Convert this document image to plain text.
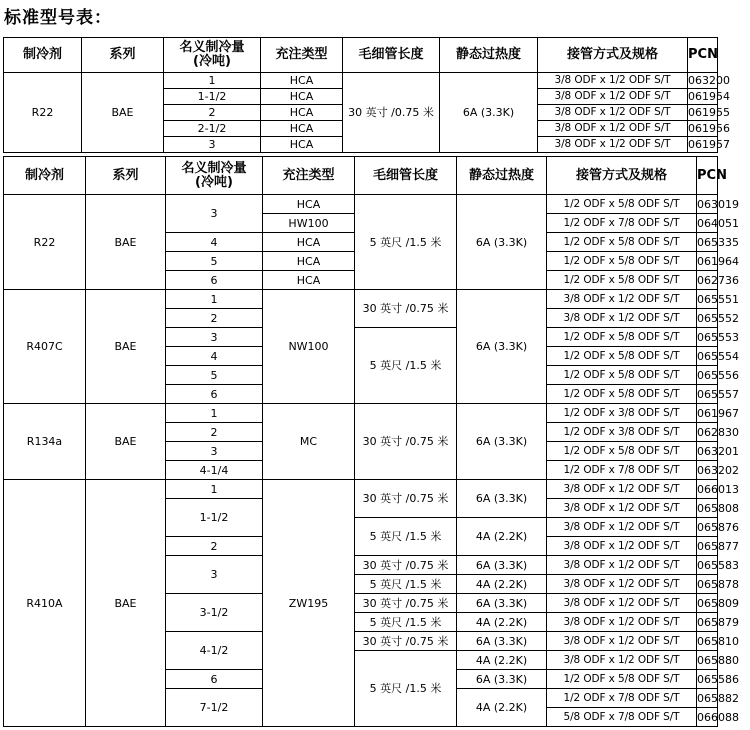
标准型号表：
制冷剂	系列	名义制冷量
(冷吨)	充注类型	毛细管长度	静态过热度	接管方式及规格	PCN
R22	BAE	1	HCA	30 英寸 /0.75 米	6A (3.3K)	3/8 ODF x 1/2 ODF S/T	063200
		1-1/2	HCA			3/8 ODF x 1/2 ODF S/T	061954
		2	HCA			3/8 ODF x 1/2 ODF S/T	061955
		2-1/2	HCA			3/8 ODF x 1/2 ODF S/T	061956
		3	HCA			3/8 ODF x 1/2 ODF S/T	061957
制冷剂	系列	名义制冷量
(冷吨)	充注类型	毛细管长度	静态过热度	接管方式及规格	PCN
R22	BAE	3	HCA	5 英尺 /1.5 米	6A (3.3K)	1/2 ODF x 5/8 ODF S/T	063019
			HW100			1/2 ODF x 7/8 ODF S/T	064051
		4	HCA			1/2 ODF x 5/8 ODF S/T	065335
		5	HCA			1/2 ODF x 5/8 ODF S/T	061964
		6	HCA			1/2 ODF x 5/8 ODF S/T	062736
R407C	BAE	1	NW100	30 英寸 /0.75 米	6A (3.3K)	3/8 ODF x 1/2 ODF S/T	065551
		2				3/8 ODF x 1/2 ODF S/T	065552
		3		5 英尺 /1.5 米		1/2 ODF x 5/8 ODF S/T	065553
		4				1/2 ODF x 5/8 ODF S/T	065554
		5				1/2 ODF x 5/8 ODF S/T	065556
		6				1/2 ODF x 5/8 ODF S/T	065557
R134a	BAE	1	MC	30 英寸 /0.75 米	6A (3.3K)	1/2 ODF x 3/8 ODF S/T	061967
		2				1/2 ODF x 3/8 ODF S/T	062830
		3				1/2 ODF x 5/8 ODF S/T	063201
		4-1/4				1/2 ODF x 7/8 ODF S/T	063202
R410A	BAE	1	ZW195	30 英寸 /0.75 米	6A (3.3K)	3/8 ODF x 1/2 ODF S/T	066013
		1-1/2				3/8 ODF x 1/2 ODF S/T	065808
				5 英尺 /1.5 米	4A (2.2K)	3/8 ODF x 1/2 ODF S/T	065876
		2				3/8 ODF x 1/2 ODF S/T	065877
		3		30 英寸 /0.75 米	6A (3.3K)	3/8 ODF x 1/2 ODF S/T	065583
				5 英尺 /1.5 米	4A (2.2K)	3/8 ODF x 1/2 ODF S/T	065878
		3-1/2		30 英寸 /0.75 米	6A (3.3K)	3/8 ODF x 1/2 ODF S/T	065809
				5 英尺 /1.5 米	4A (2.2K)	3/8 ODF x 1/2 ODF S/T	065879
		4-1/2		30 英寸 /0.75 米	6A (3.3K)	3/8 ODF x 1/2 ODF S/T	065810
				5 英尺 /1.5 米	4A (2.2K)	3/8 ODF x 1/2 ODF S/T	065880
		6			6A (3.3K)	1/2 ODF x 5/8 ODF S/T	065586
		7-1/2			4A (2.2K)	1/2 ODF x 7/8 ODF S/T	065882
						5/8 ODF x 7/8 ODF S/T	066088
